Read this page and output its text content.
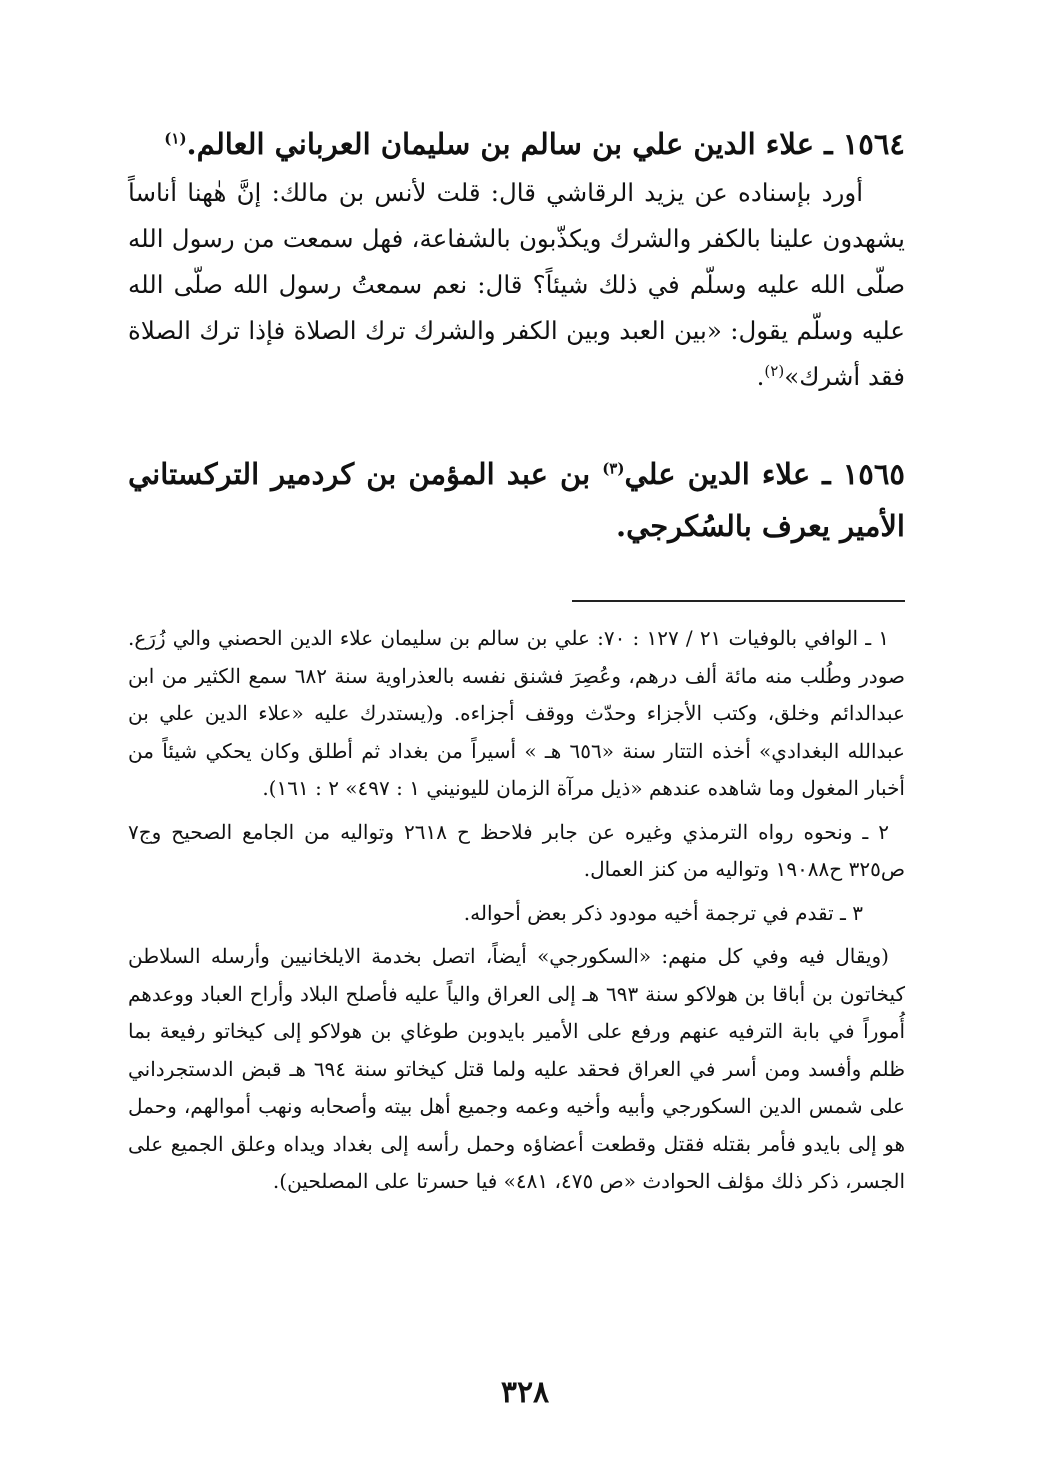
١٥٦٤ ـ علاء الدين علي بن سالم بن سليمان العرباني العالم.$^{(١)}$

أورد بإسناده عن يزيد الرقاشي قال: قلت لأنس بن مالك: إنَّ هٰهنا أناساً يشهدون علينا بالكفر والشرك ويكذّبون بالشفاعة، فهل سمعت من رسول الله صلّى الله عليه وسلّم في ذلك شيئاً؟ قال: نعم سمعتُ رسول الله صلّى الله عليه وسلّم يقول: «بين العبد وبين الكفر والشرك ترك الصلاة فإذا ترك الصلاة فقد أشرك»$^{(٢)}$.

١٥٦٥ ـ علاء الدين علي$^{(٣)}$ بن عبد المؤمن بن كردمير التركستاني الأمير يعرف بالسُكرجي.

١ ـ الوافي بالوفيات ٢١ / ١٢٧ : ٧٠: علي بن سالم بن سليمان علاء الدين الحصني والي زُرَع. صودر وطُلب منه مائة ألف درهم، وعُصِرَ فشنق نفسه بالعذراوية سنة ٦٨٢ سمع الكثير من ابن عبدالدائم وخلق، وكتب الأجزاء وحدّث ووقف أجزاءه. و(يستدرك عليه «علاء الدين علي بن عبدالله البغدادي» أخذه التتار سنة «٦٥٦ هـ » أسيراً من بغداد ثم أطلق وكان يحكي شيئاً من أخبار المغول وما شاهده عندهم «ذيل مرآة الزمان لليونيني ١ : ٤٩٧» ٢ : ١٦١).

٢ ـ ونحوه رواه الترمذي وغيره عن جابر فلاحظ ح ٢٦١٨ وتواليه من الجامع الصحيح وج٧ ص٣٢٥ ح١٩٠٨٨ وتواليه من كنز العمال.

٣ ـ تقدم في ترجمة أخيه مودود ذكر بعض أحواله.

(ويقال فيه وفي كل منهم: «السكورجي» أيضاً، اتصل بخدمة الايلخانيين وأرسله السلاطن كيخاتون بن أباقا بن هولاكو سنة ٦٩٣ هـ إلى العراق والياً عليه فأصلح البلاد وأراح العباد ووعدهم أُموراً في بابة الترفيه عنهم ورفع على الأمير بايدوبن طوغاي بن هولاكو إلى كيخاتو رفيعة بما ظلم وأفسد ومن أسر في العراق فحقد عليه ولما قتل كيخاتو سنة ٦٩٤ هـ قبض الدستجرداني على شمس الدين السكورجي وأبيه وأخيه وعمه وجميع أهل بيته وأصحابه ونهب أموالهم، وحمل هو إلى بايدو فأمر بقتله فقتل وقطعت أعضاؤه وحمل رأسه إلى بغداد ويداه وعلق الجميع على الجسر، ذكر ذلك مؤلف الحوادث «ص ٤٧٥، ٤٨١» فيا حسرتا على المصلحين).

٣٢٨
